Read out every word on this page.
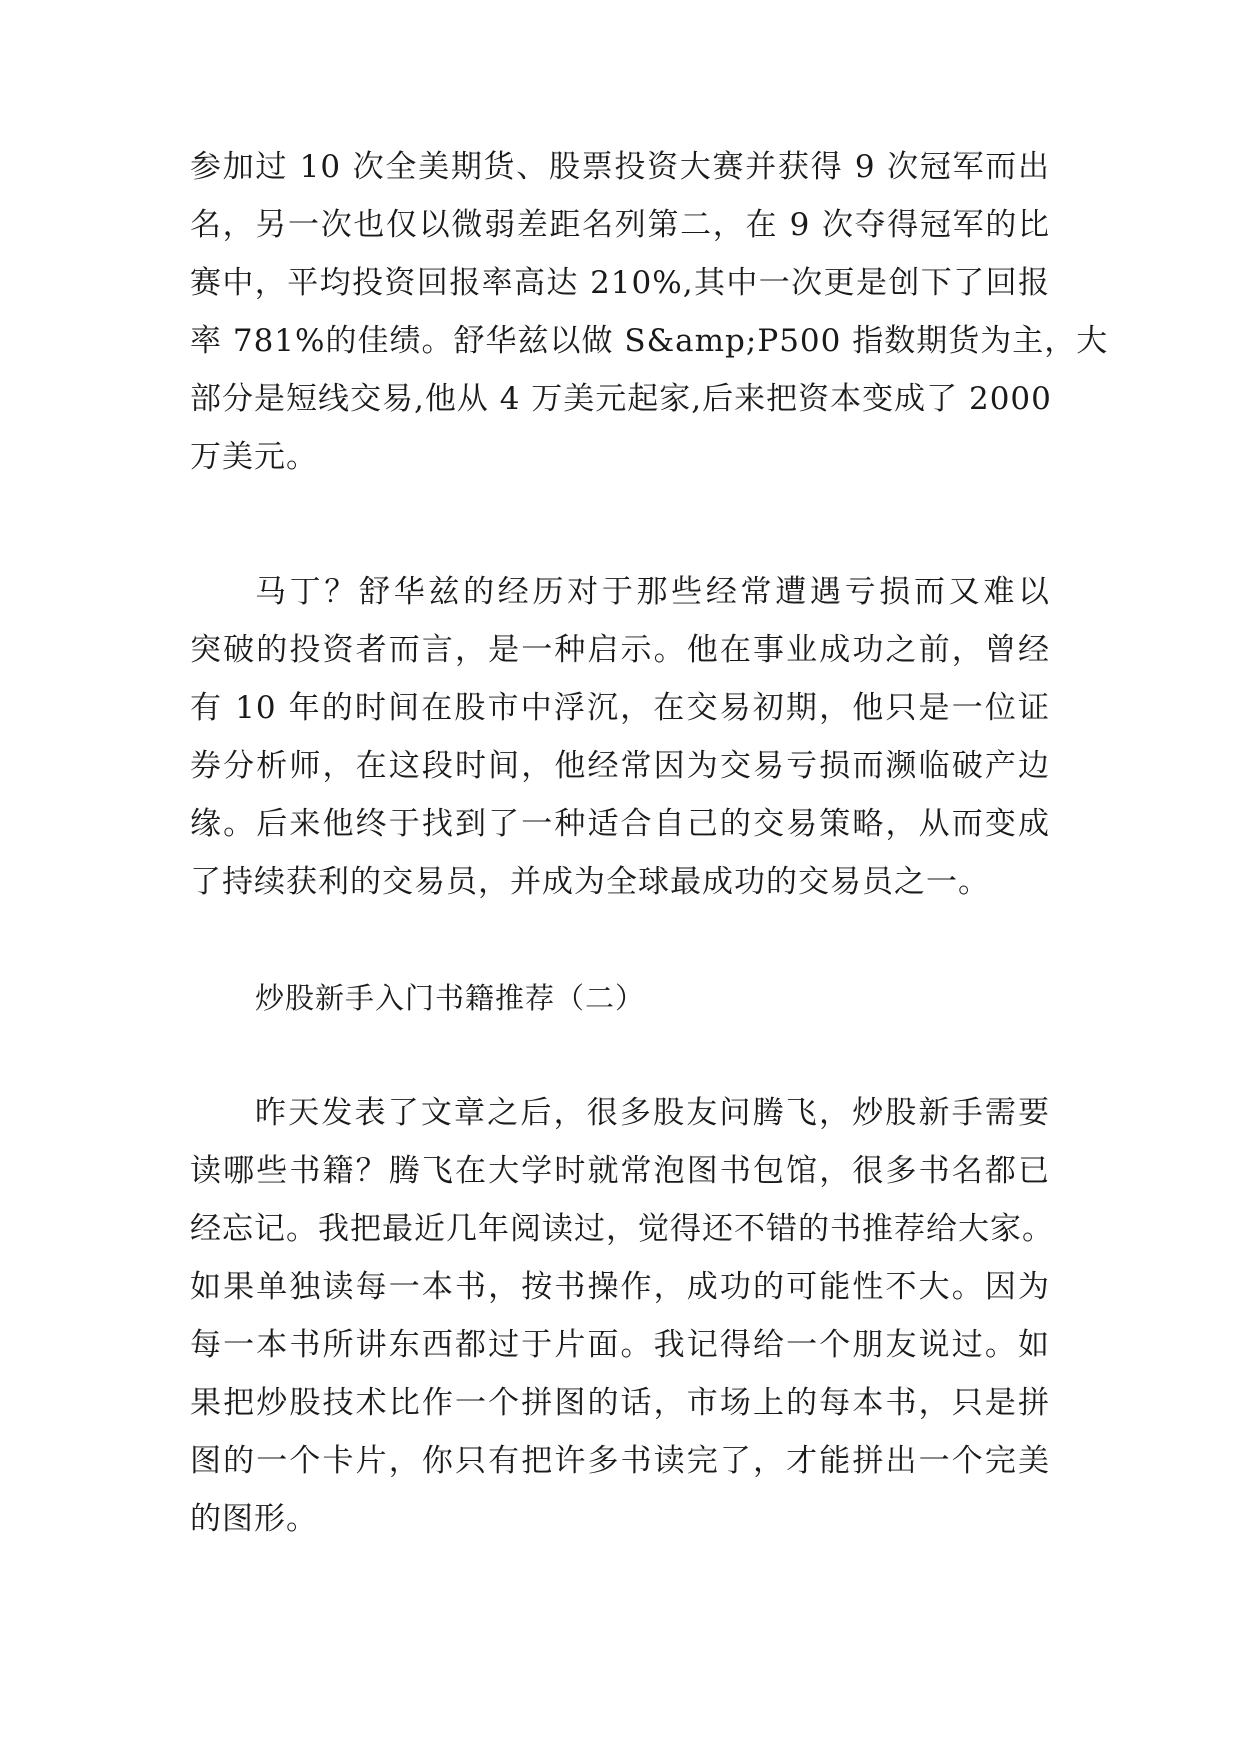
参加过 10 次全美期货、股票投资大赛并获得 9 次冠军而出
名，另一次也仅以微弱差距名列第二，在 9 次夺得冠军的比
赛中，平均投资回报率高达 210%,其中一次更是创下了回报
率 781%的佳绩。舒华兹以做 S&amp;P500 指数期货为主，大
部分是短线交易,他从 4 万美元起家,后来把资本变成了 2000
万美元。
马丁？舒华兹的经历对于那些经常遭遇亏损而又难以
突破的投资者而言，是一种启示。他在事业成功之前，曾经
有 10 年的时间在股市中浮沉，在交易初期，他只是一位证
券分析师，在这段时间，他经常因为交易亏损而濒临破产边
缘。后来他终于找到了一种适合自己的交易策略，从而变成
了持续获利的交易员，并成为全球最成功的交易员之一。
炒股新手入门书籍推荐（二）
昨天发表了文章之后，很多股友问腾飞，炒股新手需要
读哪些书籍？腾飞在大学时就常泡图书包馆，很多书名都已
经忘记。我把最近几年阅读过，觉得还不错的书推荐给大家。
如果单独读每一本书，按书操作，成功的可能性不大。因为
每一本书所讲东西都过于片面。我记得给一个朋友说过。如
果把炒股技术比作一个拼图的话，市场上的每本书，只是拼
图的一个卡片，你只有把许多书读完了，才能拼出一个完美
的图形。
